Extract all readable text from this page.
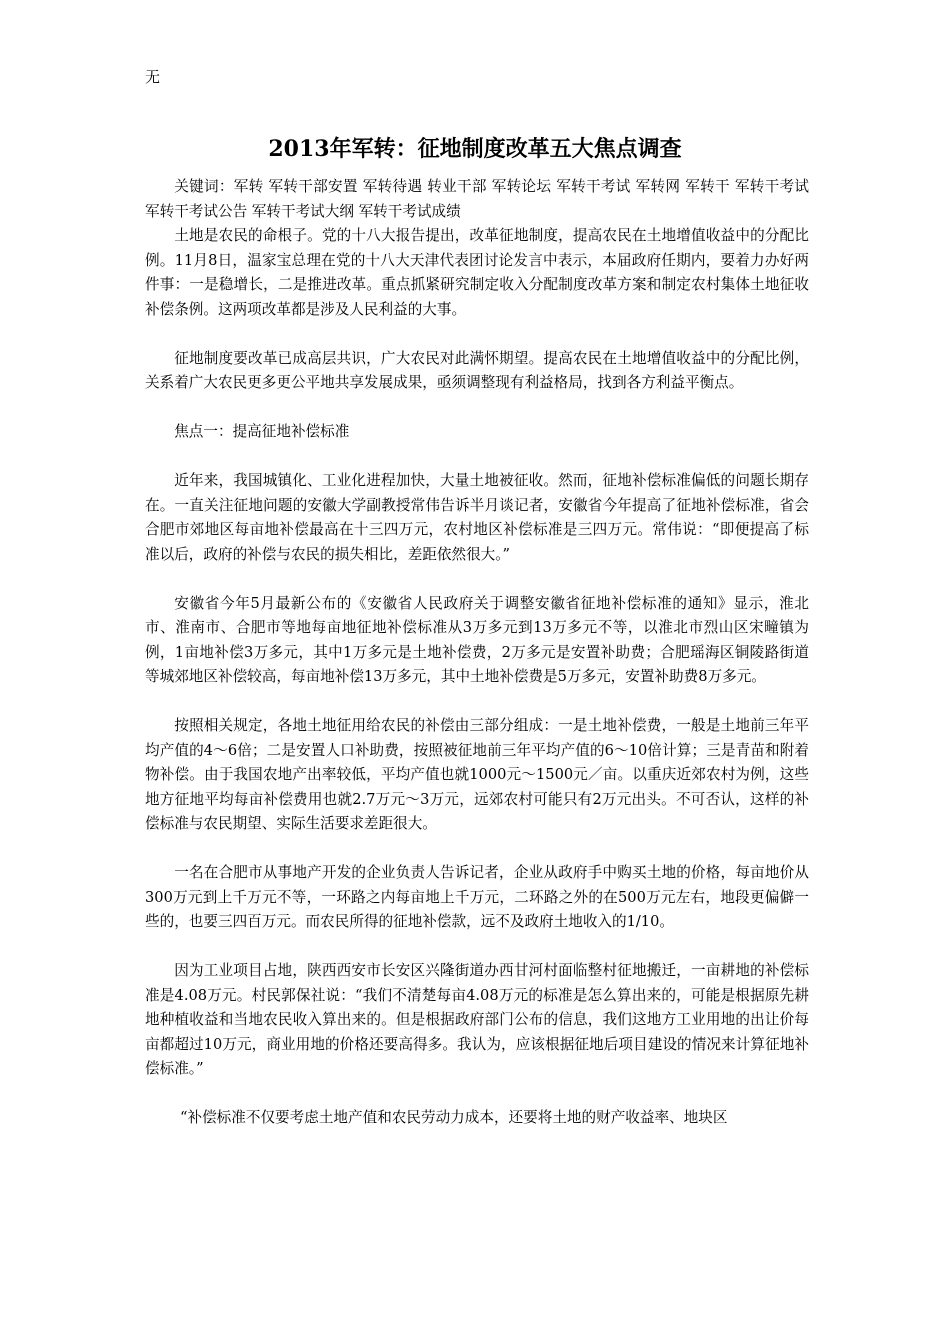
无
2013年军转：征地制度改革五大焦点调查

关键词：军转 军转干部安置 军转待遇 转业干部 军转论坛 军转干考试 军转网 军转干 军转干考试 军转干考试公告 军转干考试大纲 军转干考试成绩

土地是农民的命根子。党的十八大报告提出，改革征地制度，提高农民在土地增值收益中的分配比例。11月8日，温家宝总理在党的十八大天津代表团讨论发言中表示，本届政府任期内，要着力办好两件事：一是稳增长，二是推进改革。重点抓紧研究制定收入分配制度改革方案和制定农村集体土地征收补偿条例。这两项改革都是涉及人民利益的大事。

征地制度要改革已成高层共识，广大农民对此满怀期望。提高农民在土地增值收益中的分配比例，关系着广大农民更多更公平地共享发展成果，亟须调整现有利益格局，找到各方利益平衡点。

焦点一：提高征地补偿标准

近年来，我国城镇化、工业化进程加快，大量土地被征收。然而，征地补偿标准偏低的问题长期存在。一直关注征地问题的安徽大学副教授常伟告诉半月谈记者，安徽省今年提高了征地补偿标准，省会合肥市郊地区每亩地补偿最高在十三四万元，农村地区补偿标准是三四万元。常伟说：“即便提高了标准以后，政府的补偿与农民的损失相比，差距依然很大。”

安徽省今年5月最新公布的《安徽省人民政府关于调整安徽省征地补偿标准的通知》显示，淮北市、淮南市、合肥市等地每亩地征地补偿标准从3万多元到13万多元不等，以淮北市烈山区宋疃镇为例，1亩地补偿3万多元，其中1万多元是土地补偿费，2万多元是安置补助费；合肥瑶海区铜陵路街道等城郊地区补偿较高，每亩地补偿13万多元，其中土地补偿费是5万多元，安置补助费8万多元。

按照相关规定，各地土地征用给农民的补偿由三部分组成：一是土地补偿费，一般是土地前三年平均产值的4～6倍；二是安置人口补助费，按照被征地前三年平均产值的6～10倍计算；三是青苗和附着物补偿。由于我国农地产出率较低，平均产值也就1000元～1500元／亩。以重庆近郊农村为例，这些地方征地平均每亩补偿费用也就2.7万元～3万元，远郊农村可能只有2万元出头。不可否认，这样的补偿标准与农民期望、实际生活要求差距很大。

一名在合肥市从事地产开发的企业负责人告诉记者，企业从政府手中购买土地的价格，每亩地价从300万元到上千万元不等，一环路之内每亩地上千万元，二环路之外的在500万元左右，地段更偏僻一些的，也要三四百万元。而农民所得的征地补偿款，远不及政府土地收入的1/10。

因为工业项目占地，陕西西安市长安区兴隆街道办西甘河村面临整村征地搬迁，一亩耕地的补偿标准是4.08万元。村民郭保社说：“我们不清楚每亩4.08万元的标准是怎么算出来的，可能是根据原先耕地种植收益和当地农民收入算出来的。但是根据政府部门公布的信息，我们这地方工业用地的出让价每亩都超过10万元，商业用地的价格还要高得多。我认为，应该根据征地后项目建设的情况来计算征地补偿标准。”

“补偿标准不仅要考虑土地产值和农民劳动力成本，还要将土地的财产收益率、地块区
